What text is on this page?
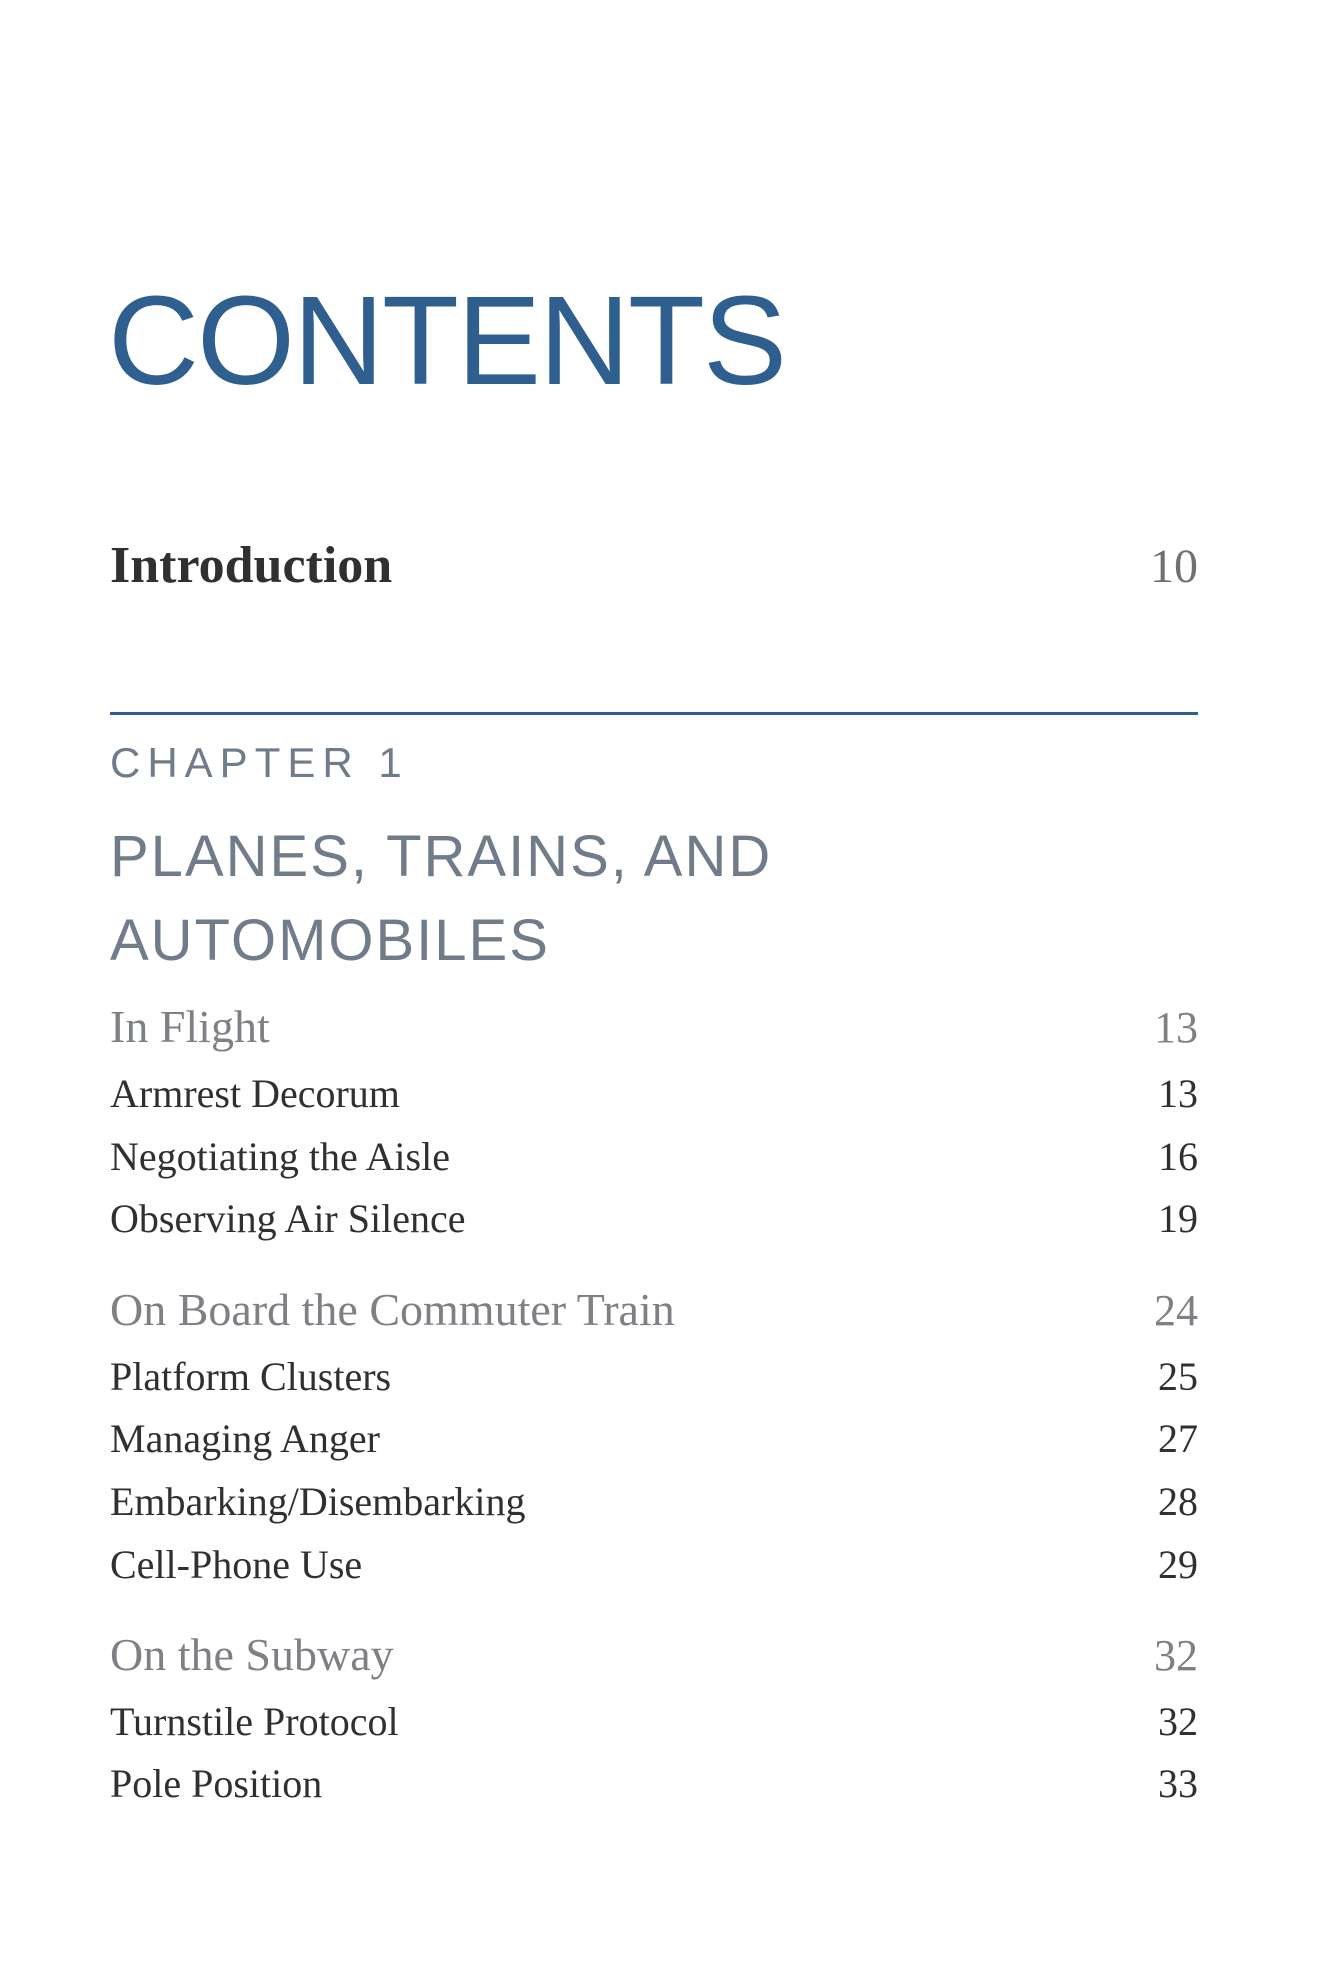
CONTENTS
Introduction	10
CHAPTER 1
PLANES, TRAINS, AND AUTOMOBILES
In Flight	13
Armrest Decorum	13
Negotiating the Aisle	16
Observing Air Silence	19
On Board the Commuter Train	24
Platform Clusters	25
Managing Anger	27
Embarking/Disembarking	28
Cell-Phone Use	29
On the Subway	32
Turnstile Protocol	32
Pole Position	33
